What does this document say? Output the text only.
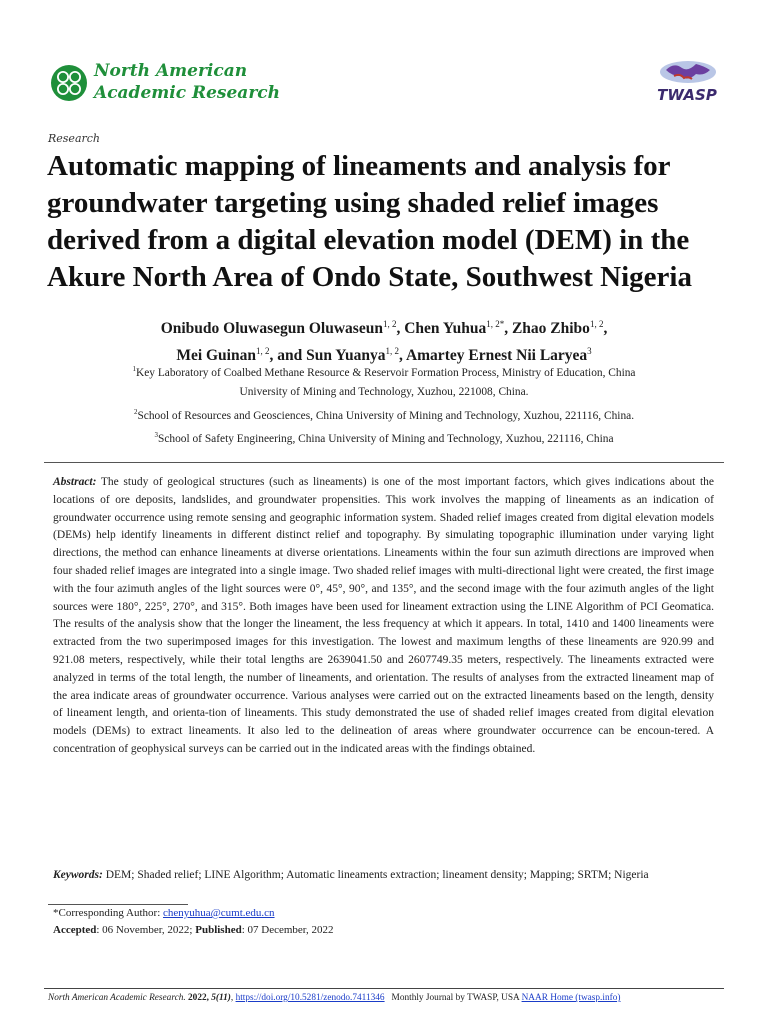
North American
Academic Research	TWASP
Research
Automatic mapping of lineaments and analysis for groundwater targeting using shaded relief images derived from a digital elevation model (DEM) in the Akure North Area of Ondo State, Southwest Nigeria
Onibudo Oluwasegun Oluwaseun$^{1, 2}$, Chen Yuhua$^{1, 2*}$, Zhao Zhibo$^{1, 2}$,
Mei Guinan$^{1, 2}$, and Sun Yuanya$^{1, 2}$, Amartey Ernest Nii Laryea$^3$
$^1$Key Laboratory of Coalbed Methane Resource & Reservoir Formation Process, Ministry of Education, China
University of Mining and Technology, Xuzhou, 221008, China.
$^2$School of Resources and Geosciences, China University of Mining and Technology, Xuzhou, 221116, China.
$^3$School of Safety Engineering, China University of Mining and Technology, Xuzhou, 221116, China
Abstract: The study of geological structures (such as lineaments) is one of the most important factors, which gives indications about the locations of ore deposits, landslides, and groundwater propensities. This work involves the mapping of lineaments as an indication of groundwater occurrence using remote sensing and geographic information system. Shaded relief images created from digital elevation models (DEMs) help identify lineaments in different distinct relief and topography. By simulating topographic illumination under varying light directions, the method can enhance lineaments at diverse orientations. Lineaments within the four sun azimuth directions are improved when four shaded relief images are integrated into a single image. Two shaded relief images with multi-directional light were created, the first image with the four azimuth angles of the light sources were 0°, 45°, 90°, and 135°, and the second image with the four azimuth angles of the light sources were 180°, 225°, 270°, and 315°. Both images have been used for lineament extraction using the LINE Algorithm of PCI Geomatica. The results of the analysis show that the longer the lineament, the less frequency at which it appears. In total, 1410 and 1400 lineaments were extracted from the two superimposed images for this investigation. The lowest and maximum lengths of these lineaments are 920.99 and 921.08 meters, respectively, while their total lengths are 2639041.50 and 2607749.35 meters, respectively. The lineaments extracted were analyzed in terms of the total length, the number of lineaments, and orientation. The results of analyses from the extracted lineament map of the area indicate areas of groundwater occurrence. Various analyses were carried out on the extracted lineaments based on the length, density of lineament length, and orienta-tion of lineaments. This study demonstrated the use of shaded relief images created from digital elevation models (DEMs) to extract lineaments. It also led to the delineation of areas where groundwater occurrence can be encoun-tered. A concentration of geophysical surveys can be carried out in the indicated areas with the findings obtained.
Keywords: DEM; Shaded relief; LINE Algorithm; Automatic lineaments extraction; lineament density; Mapping; SRTM; Nigeria
*Corresponding Author: chenyuhua@cumt.edu.cn
Accepted: 06 November, 2022; Published: 07 December, 2022
North American Academic Research. 2022, 5(11), https://doi.org/10.5281/zenodo.7411346   Monthly Journal by TWASP, USA NAAR Home (twasp.info)
